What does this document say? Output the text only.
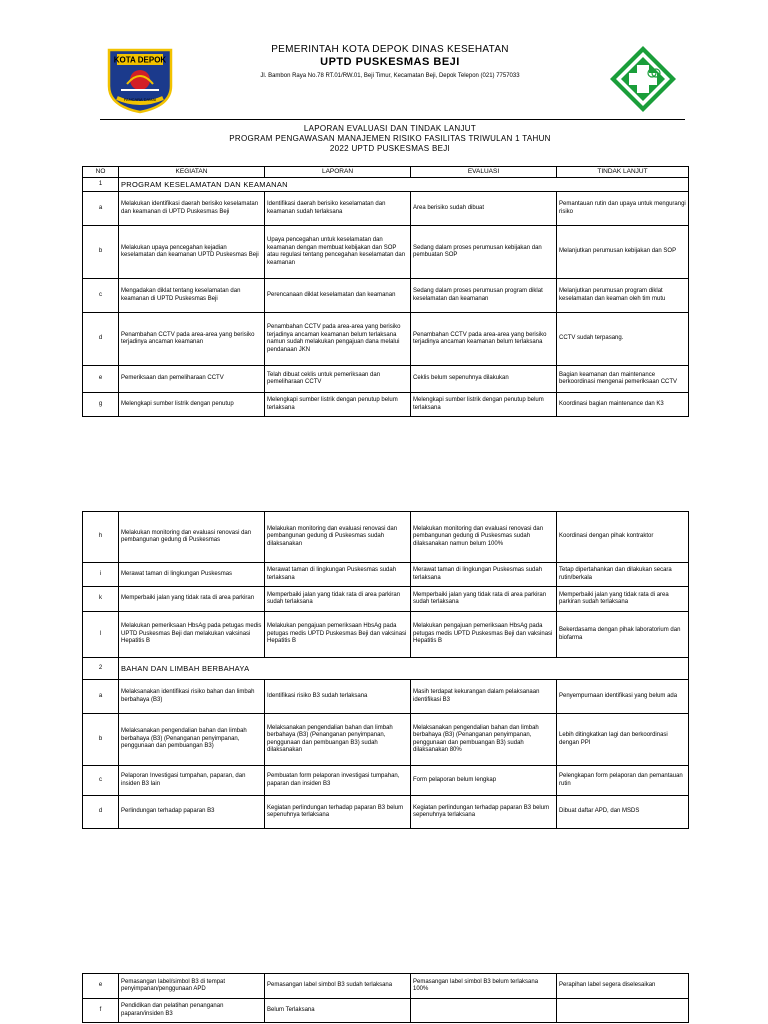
KOTA DEPOK
PANCARA DAMAI
PEMERINTAH KOTA DEPOK DINAS KESEHATAN
UPTD PUSKESMAS BEJI
Jl. Bambon Raya No.78 RT.01/RW.01, Beji Timur, Kecamatan Beji, Depok Telepon (021) 7757033
LAPORAN EVALUASI DAN TINDAK LANJUT
PROGRAM PENGAWASAN MANAJEMEN RISIKO FASILITAS TRIWULAN 1 TAHUN
2022 UPTD PUSKESMAS BEJI
NO	KEGIATAN	LAPORAN	EVALUASI	TINDAK LANJUT
1	PROGRAM KESELAMATAN DAN KEAMANAN			
a	Melakukan identifikasi daerah berisiko keselamatan dan keamanan di UPTD Puskesmas Beji	Identifikasi daerah berisiko keselamatan dan keamanan sudah terlaksana	Area berisiko sudah dibuat	Pemantauan rutin dan upaya untuk mengurangi risiko
b	Melakukan upaya pencegahan kejadian keselamatan dan keamanan UPTD Puskesmas Beji	Upaya pencegahan untuk keselamatan dan keamanan dengan membuat kebijakan dan SOP atau regulasi tentang pencegahan keselamatan dan keamanan	Sedang dalam proses perumusan kebijakan dan pembuatan SOP	Melanjutkan perumusan kebijakan dan SOP
c	Mengadakan diklat tentang keselamatan dan keamanan di UPTD Puskesmas Beji	Perencanaan diklat keselamatan dan keamanan	Sedang dalam proses perumusan program diklat keselamatan dan keamanan	Melanjutkan perumusan program diklat keselamatan dan keaman oleh tim mutu
d	Penambahan CCTV pada area-area yang berisiko terjadinya ancaman keamanan	Penambahan CCTV pada area-area yang berisiko terjadinya ancaman keamanan belum terlaksana namun sudah melakukan pengajuan dana melalui pendanaan JKN	Penambahan CCTV pada area-area yang berisiko terjadinya ancaman keamanan belum terlaksana	CCTV sudah terpasang.
e	Pemeriksaan dan pemeliharaan CCTV	Telah dibuat ceklis untuk pemeriksaan dan pemeliharaan CCTV	Ceklis belum sepenuhnya dilakukan	Bagian keamanan dan maintenance berkoordinasi mengenai pemeriksaan CCTV
g	Melengkapi sumber listrik dengan penutup	Melengkapi sumber listrik dengan penutup belum terlaksana	Melengkapi sumber listrik dengan penutup belum terlaksana	Koordinasi bagian maintenance dan K3
h	Melakukan monitoring dan evaluasi renovasi dan pembangunan gedung di Puskesmas	Melakukan monitoring dan evaluasi renovasi dan pembangunan gedung di Puskesmas sudah dilaksanakan	Melakukan monitoring dan evaluasi renovasi dan pembangunan gedung di Puskesmas sudah dilaksanakan namun belum 100%	Koordinasi dengan pihak kontraktor
i	Merawat taman di lingkungan Puskesmas	Merawat taman di lingkungan Puskesmas sudah terlaksana	Merawat taman di lingkungan Puskesmas sudah terlaksana	Tetap dipertahankan dan dilakukan secara rutin/berkala
k	Memperbaiki jalan yang tidak rata di area parkiran	Memperbaiki jalan yang tidak rata di area parkiran sudah terlaksana	Memperbaiki jalan yang tidak rata di area parkiran sudah terlaksana	Memperbaiki jalan yang tidak rata di area parkiran sudah terlaksana
l	Melakukan pemeriksaan HbsAg pada petugas medis UPTD Puskesmas Beji dan melakukan vaksinasi Hepatitis B	Melakukan pengajuan pemeriksaan HbsAg pada petugas medis UPTD Puskesmas Beji dan vaksinasi Hepatitis B	Melakukan pengajuan pemeriksaan HbsAg pada petugas medis UPTD Puskesmas Beji dan vaksinasi Hepatitis B	Bekerdasama dengan pihak laboratorium dan biofarma
2	BAHAN DAN LIMBAH BERBAHAYA			
a	Melaksanakan identifikasi risiko bahan dan limbah berbahaya (B3)	Identifikasi risiko B3 sudah terlaksana	Masih terdapat kekurangan dalam pelaksanaan identifikasi B3	Penyempurnaan identifikasi yang belum ada
b	Melaksanakan pengendalian bahan dan limbah berbahaya (B3) (Penanganan penyimpanan, penggunaan dan pembuangan B3)	Melaksanakan pengendalian bahan dan limbah berbahaya (B3) (Penanganan penyimpanan, penggunaan dan pembuangan B3) sudah dilaksanakan	Melaksanakan pengendalian bahan dan limbah berbahaya (B3) (Penanganan penyimpanan, penggunaan dan pembuangan B3) sudah dilaksanakan 80%	Lebih ditingkatkan lagi dan berkoordinasi dengan PPI
c	Pelaporan Investigasi tumpahan, paparan, dan insiden B3 lain	Pembuatan form pelaporan investigasi tumpahan, paparan dan insiden B3	Form pelaporan belum lengkap	Pelengkapan form pelaporan dan pemantauan rutin
d	Perlindungan terhadap paparan B3	Kegiatan perlindungan terhadap paparan B3 belum sepenuhnya terlaksana	Kegiatan perlindungan terhadap paparan B3 belum sepenuhnya terlaksana	Dibuat daftar APD, dan MSDS
e	Pemasangan label/simbol B3 di tempat penyimpanan/penggunaan APD	Pemasangan label simbol B3 sudah terlaksana	Pemasangan label simbol B3 belum terlaksana 100%	Perapihan label segera diselesaikan
f	Pendidikan dan pelatihan penanganan paparan/insiden B3	Belum Terlaksana		
